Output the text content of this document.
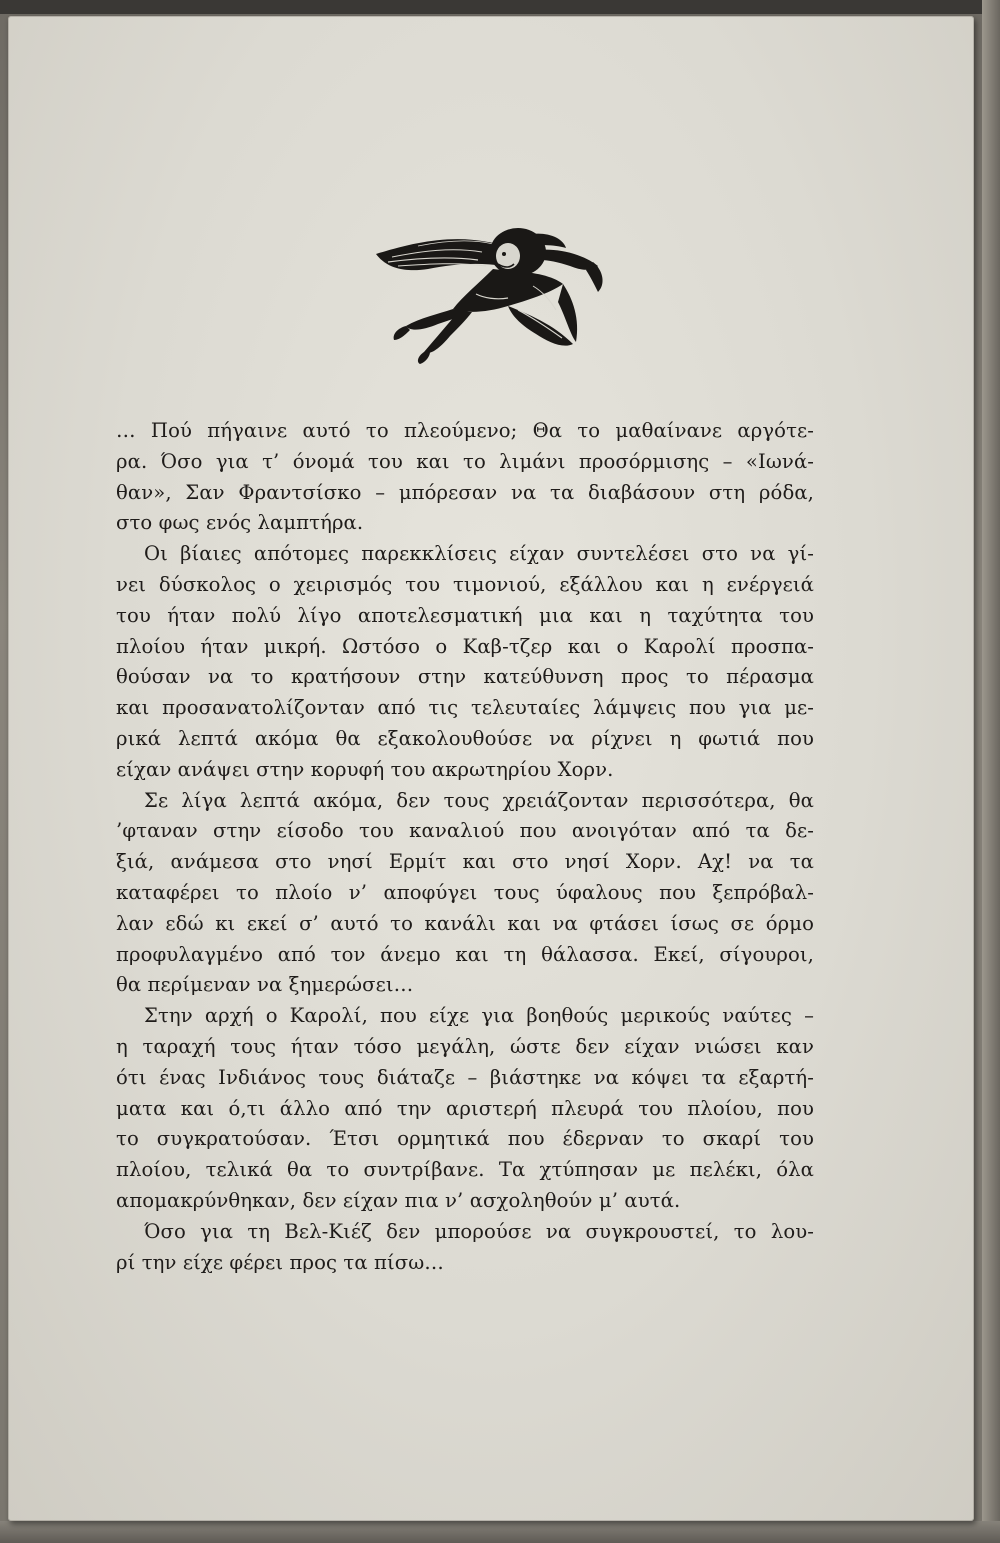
… Πού πήγαινε αυτό το πλεούμενο; Θα το μαθαίνανε αργότε-
ρα. Όσο για τ’ όνομά του και το λιμάνι προσόρμισης – «Ιωνά-
θαν», Σαν Φραντσίσκο – μπόρεσαν να τα διαβάσουν στη ρόδα,
στο φως ενός λαμπτήρα.
Οι βίαιες απότομες παρεκκλίσεις είχαν συντελέσει στο να γί-
νει δύσκολος ο χειρισμός του τιμονιού, εξάλλου και η ενέργειά
του ήταν πολύ λίγο αποτελεσματική μια και η ταχύτητα του
πλοίου ήταν μικρή. Ωστόσο ο Καβ-τζερ και ο Καρολί προσπα-
θούσαν να το κρατήσουν στην κατεύθυνση προς το πέρασμα
και προσανατολίζονταν από τις τελευταίες λάμψεις που για με-
ρικά λεπτά ακόμα θα εξακολουθούσε να ρίχνει η φωτιά που
είχαν ανάψει στην κορυφή του ακρωτηρίου Χορν.
Σε λίγα λεπτά ακόμα, δεν τους χρειάζονταν περισσότερα, θα
’φταναν στην είσοδο του καναλιού που ανοιγόταν από τα δε-
ξιά, ανάμεσα στο νησί Ερμίτ και στο νησί Χορν. Αχ! να τα
καταφέρει το πλοίο ν’ αποφύγει τους ύφαλους που ξεπρόβαλ-
λαν εδώ κι εκεί σ’ αυτό το κανάλι και να φτάσει ίσως σε όρμο
προφυλαγμένο από τον άνεμο και τη θάλασσα. Εκεί, σίγουροι,
θα περίμεναν να ξημερώσει…
Στην αρχή ο Καρολί, που είχε για βοηθούς μερικούς ναύτες –
η ταραχή τους ήταν τόσο μεγάλη, ώστε δεν είχαν νιώσει καν
ότι ένας Ινδιάνος τους διάταζε – βιάστηκε να κόψει τα εξαρτή-
ματα και ό,τι άλλο από την αριστερή πλευρά του πλοίου, που
το συγκρατούσαν. Έτσι ορμητικά που έδερναν το σκαρί του
πλοίου, τελικά θα το συντρίβανε. Τα χτύπησαν με πελέκι, όλα
απομακρύνθηκαν, δεν είχαν πια ν’ ασχοληθούν μ’ αυτά.
Όσο για τη Βελ-Κιέζ δεν μπορούσε να συγκρουστεί, το λου-
ρί την είχε φέρει προς τα πίσω…
